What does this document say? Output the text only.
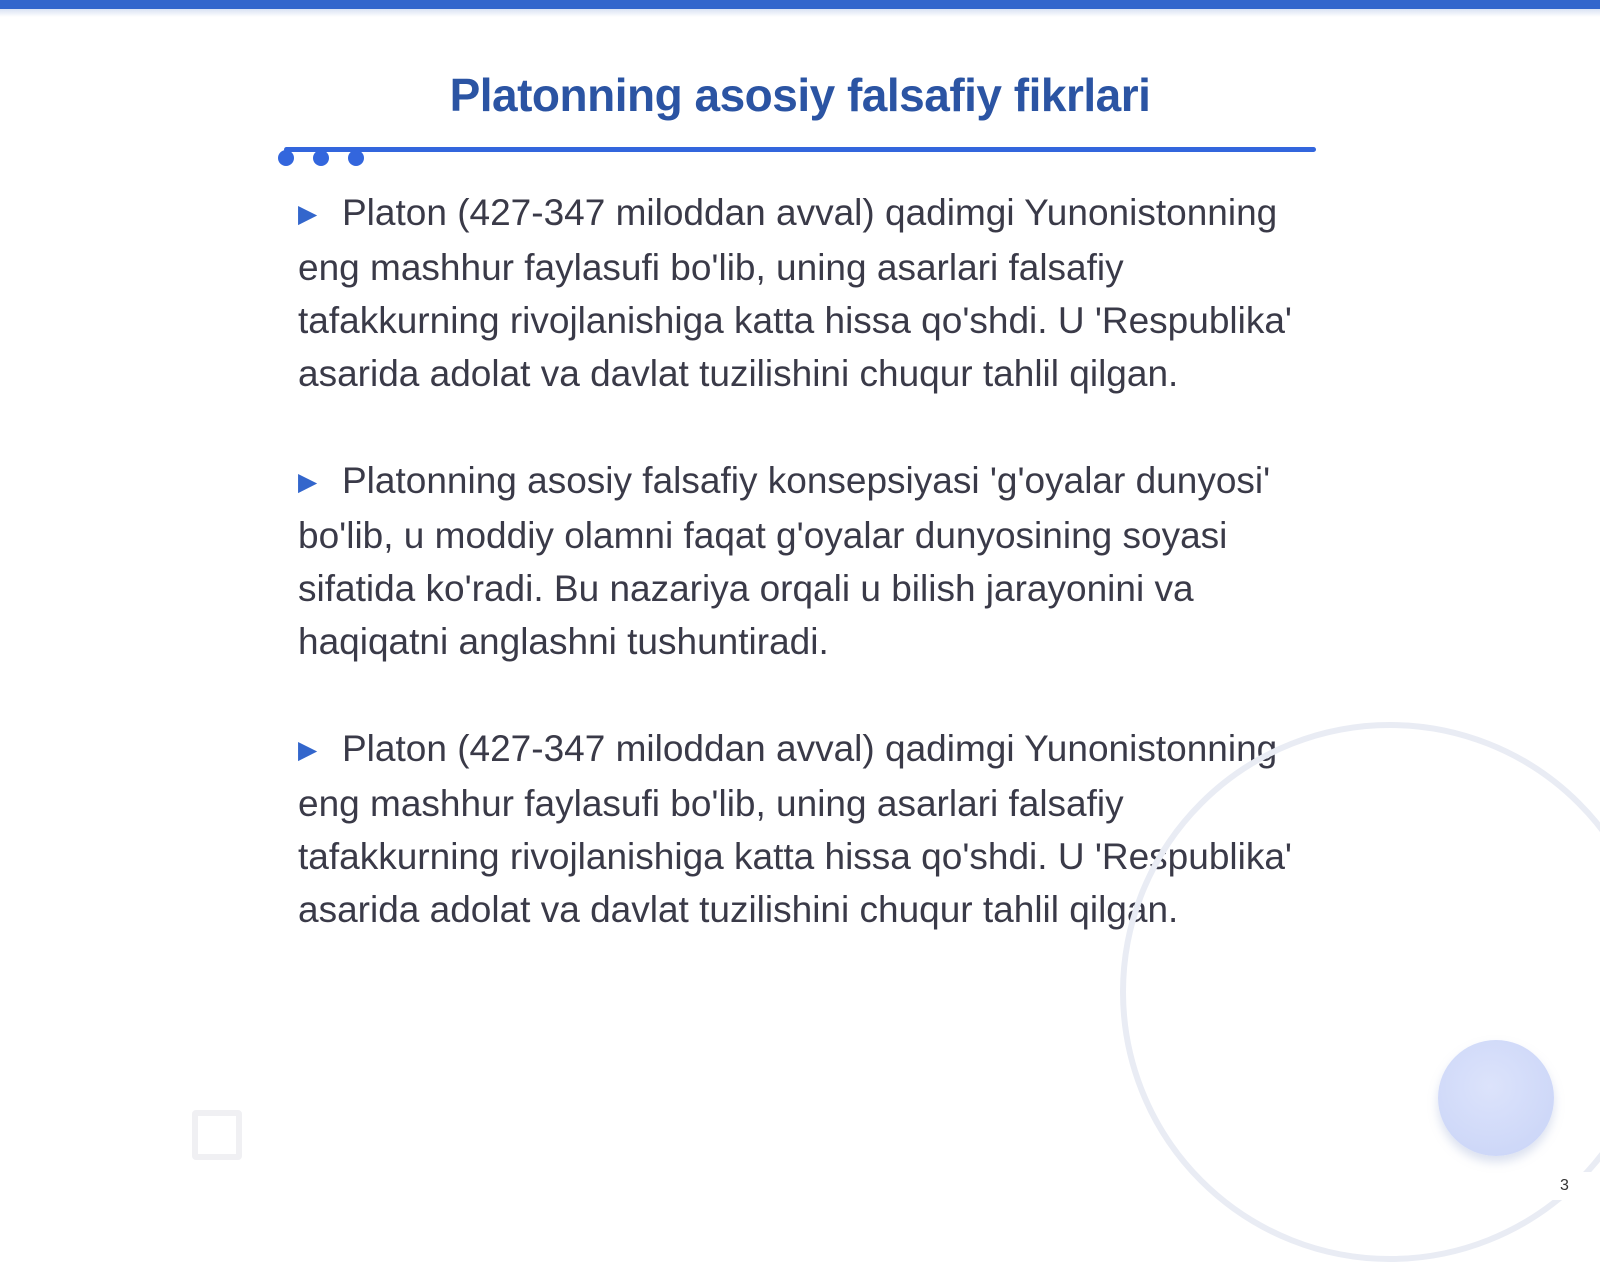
Platonning asosiy falsafiy fikrlari

▶ Platon (427-347 miloddan avval) qadimgi Yunonistonning eng mashhur faylasufi bo'lib, uning asarlari falsafiy tafakkurning rivojlanishiga katta hissa qo'shdi. U 'Respublika' asarida adolat va davlat tuzilishini chuqur tahlil qilgan.

▶ Platonning asosiy falsafiy konsepsiyasi 'g'oyalar dunyosi' bo'lib, u moddiy olamni faqat g'oyalar dunyosining soyasi sifatida ko'radi. Bu nazariya orqali u bilish jarayonini va haqiqatni anglashni tushuntiradi.

▶ Platon (427-347 miloddan avval) qadimgi Yunonistonning eng mashhur faylasufi bo'lib, uning asarlari falsafiy tafakkurning rivojlanishiga katta hissa qo'shdi. U 'Respublika' asarida adolat va davlat tuzilishini chuqur tahlil qilgan.

3
